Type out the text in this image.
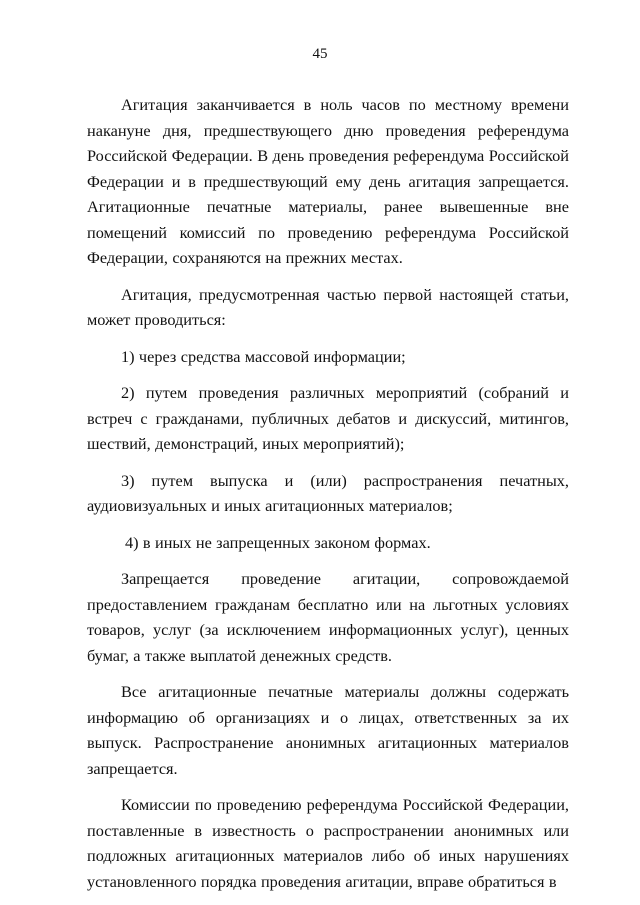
45

Агитация заканчивается в ноль часов по местному времени накануне дня, предшествующего дню проведения референдума Российской Федерации. В день проведения референдума Российской Федерации и в предшествующий ему день агитация запрещается. Агитационные печатные материалы, ранее вывешенные вне помещений комиссий по проведению референдума Российской Федерации, сохраняются на прежних местах.

Агитация, предусмотренная частью первой настоящей статьи, может проводиться:

1) через средства массовой информации;

2) путем проведения различных мероприятий (собраний и встреч с гражданами, публичных дебатов и дискуссий, митингов, шествий, демонстраций, иных мероприятий);

3) путем выпуска и (или) распространения печатных, аудиовизуальных и иных агитационных материалов;

4) в иных не запрещенных законом формах.

Запрещается проведение агитации, сопровождаемой предоставлением гражданам бесплатно или на льготных условиях товаров, услуг (за исключением информационных услуг), ценных бумаг, а также выплатой денежных средств.

Все агитационные печатные материалы должны содержать информацию об организациях и о лицах, ответственных за их выпуск. Распространение анонимных агитационных материалов запрещается.

Комиссии по проведению референдума Российской Федерации, поставленные в известность о распространении анонимных или подложных агитационных материалов либо об иных нарушениях установленного порядка проведения агитации, вправе обратиться в
